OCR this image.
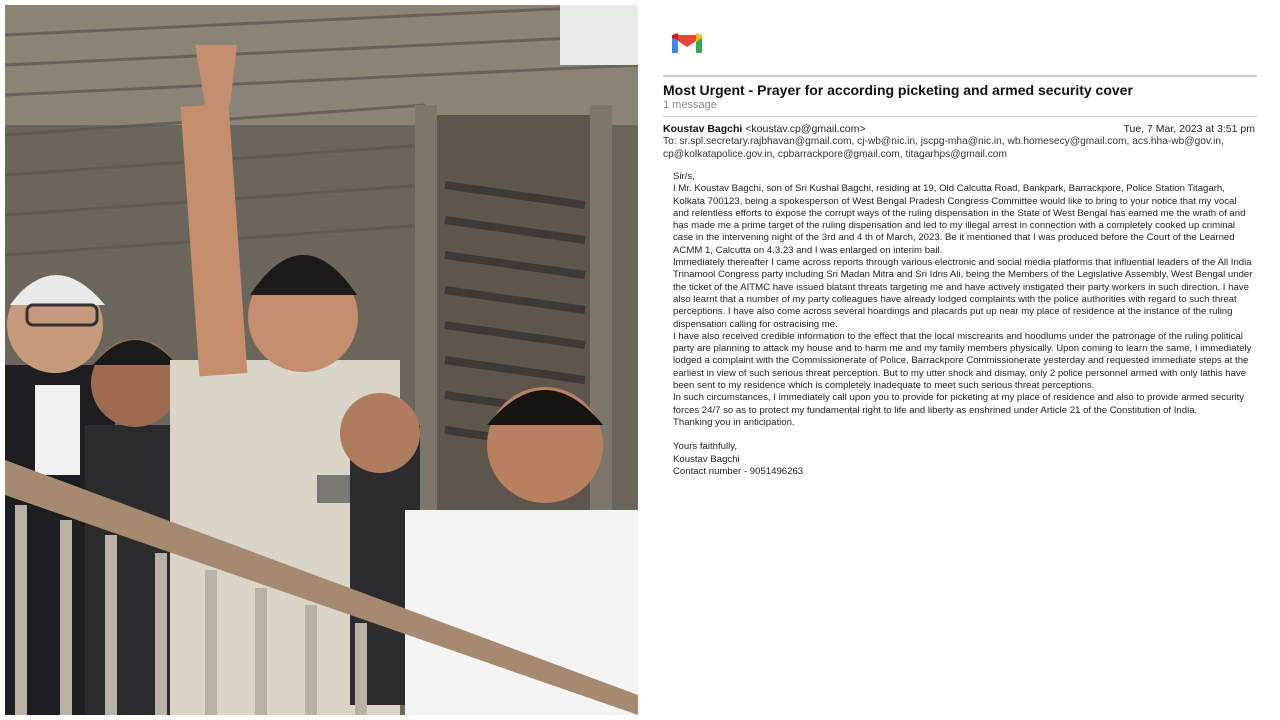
Most Urgent - Prayer for according picketing and armed security cover
1 message
Koustav Bagchi <koustav.cp@gmail.com>	Tue, 7 Mar, 2023 at 3:51 pm
To: sr.spl.secretary.rajbhavan@gmail.com, cj-wb@nic.in, jscpg-mha@nic.in, wb.homesecy@gmail.com, acs.hha-wb@gov.in, cp@kolkatapolice.gov.in, cpbarrackpore@gmail.com, titagarhps@gmail.com

Sir/s,

I Mr. Koustav Bagchi, son of Sri Kushal Bagchi, residing at 19, Old Calcutta Road, Bankpark, Barrackpore, Police Station Titagarh, Kolkata 700123, being a spokesperson of West Bengal Pradesh Congress Committee would like to bring to your notice that my vocal and relentless efforts to expose the corrupt ways of the ruling dispensation in the State of West Bengal has earned me the wrath of and has made me a prime target of the ruling dispensation and led to my illegal arrest in connection with a completely cooked up criminal case in the intervening night of the 3rd and 4 th of March, 2023. Be it mentioned that I was produced before the Court of the Learned ACMM 1, Calcutta on 4.3.23 and I was enlarged on interim bail.

Immediately thereafter I came across reports through various electronic and social media platforms that influential leaders of the All India Trinamool Congress party including Sri Madan Mitra and Sri Idris Ali, being the Members of the Legislative Assembly, West Bengal under the ticket of the AITMC have issued blatant threats targeting me and have actively instigated their party workers in such direction. I have also learnt that a number of my party colleagues have already lodged complaints with the police authorities with regard to such threat perceptions. I have also come across several hoardings and placards put up near my place of residence at the instance of the ruling dispensation calling for ostracising me.

I have also received credible information to the effect that the local miscreants and hoodlums under the patronage of the ruling political party are planning to attack my house and to harm me and my family members physically. Upon coming to learn the same, I immediately lodged a complaint with the Commissionerate of Police, Barrackpore Commissionerate yesterday and requested immediate steps at the earliest in view of such serious threat perception. But to my utter shock and dismay, only 2 police personnel armed with only lathis have been sent to my residence which is completely inadequate to meet such serious threat perceptions.

In such circumstances, I immediately call upon you to provide for picketing at my place of residence and also to provide armed security forces 24/7 so as to protect my fundamental right to life and liberty as enshrined under Article 21 of the Constitution of India.

Thanking you in anticipation.

Yours faithfully,

Koustav Bagchi

Contact number - 9051496263
